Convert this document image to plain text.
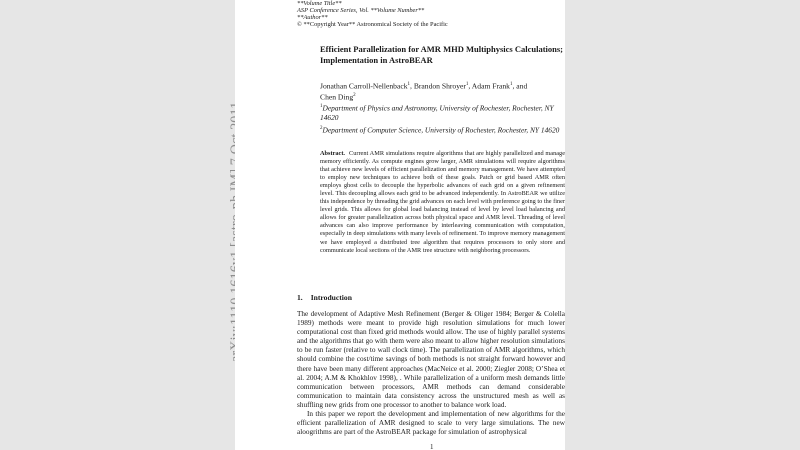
**Volume Title**
ASP Conference Series, Vol. **Volume Number**
**Author**
© **Copyright Year** Astronomical Society of the Pacific
Efficient Parallelization for AMR MHD Multiphysics Calculations; Implementation in AstroBEAR
Jonathan Carroll-Nellenback$^1$, Brandon Shroyer$^1$, Adam Frank$^1$, and
Chen Ding$^2$
$^1$Department of Physics and Astronomy, University of Rochester, Rochester, NY 14620
$^2$Department of Computer Science, University of Rochester, Rochester, NY 14620
Abstract. Current AMR simulations require algorithms that are highly parallelized and manage memory efficiently. As compute engines grow larger, AMR simulations will require algorithms that achieve new levels of efficient parallelization and memory management. We have attempted to employ new techniques to achieve both of these goals. Patch or grid based AMR often employs ghost cells to decouple the hyperbolic advances of each grid on a given refinement level. This decoupling allows each grid to be advanced independently. In AstroBEAR we utilize this independence by threading the grid advances on each level with preference going to the finer level grids. This allows for global load balancing instead of level by level load balancing and allows for greater parallelization across both physical space and AMR level. Threading of level advances can also improve performance by interleaving communication with computation, especially in deep simulations with many levels of refinement. To improve memory management we have employed a distributed tree algorithm that requires processors to only store and communicate local sections of the AMR tree structure with neighboring processors.
1. Introduction

The development of Adaptive Mesh Refinement (Berger & Oliger 1984; Berger & Colella 1989) methods were meant to provide high resolution simulations for much lower computational cost than fixed grid methods would allow. The use of highly parallel systems and the algorithms that go with them were also meant to allow higher resolution simulations to be run faster (relative to wall clock time). The parallelization of AMR algorithms, which should combine the cost/time savings of both methods is not straight forward however and there have been many different approaches (MacNeice et al. 2000; Ziegler 2008; O’Shea et al. 2004; A.M & Khokhlov 1998), . While parallelization of a uniform mesh demands little communication between processors, AMR methods can demand considerable communication to maintain data consistency across the unstructured mesh as well as shuffling new grids from one processor to another to balance work load.

In this paper we report the development and implementation of new algorithms for the efficient parallelization of AMR designed to scale to very large simulations. The new aloogrithms are part of the AstroBEAR package for simulation of astrophysical

1
